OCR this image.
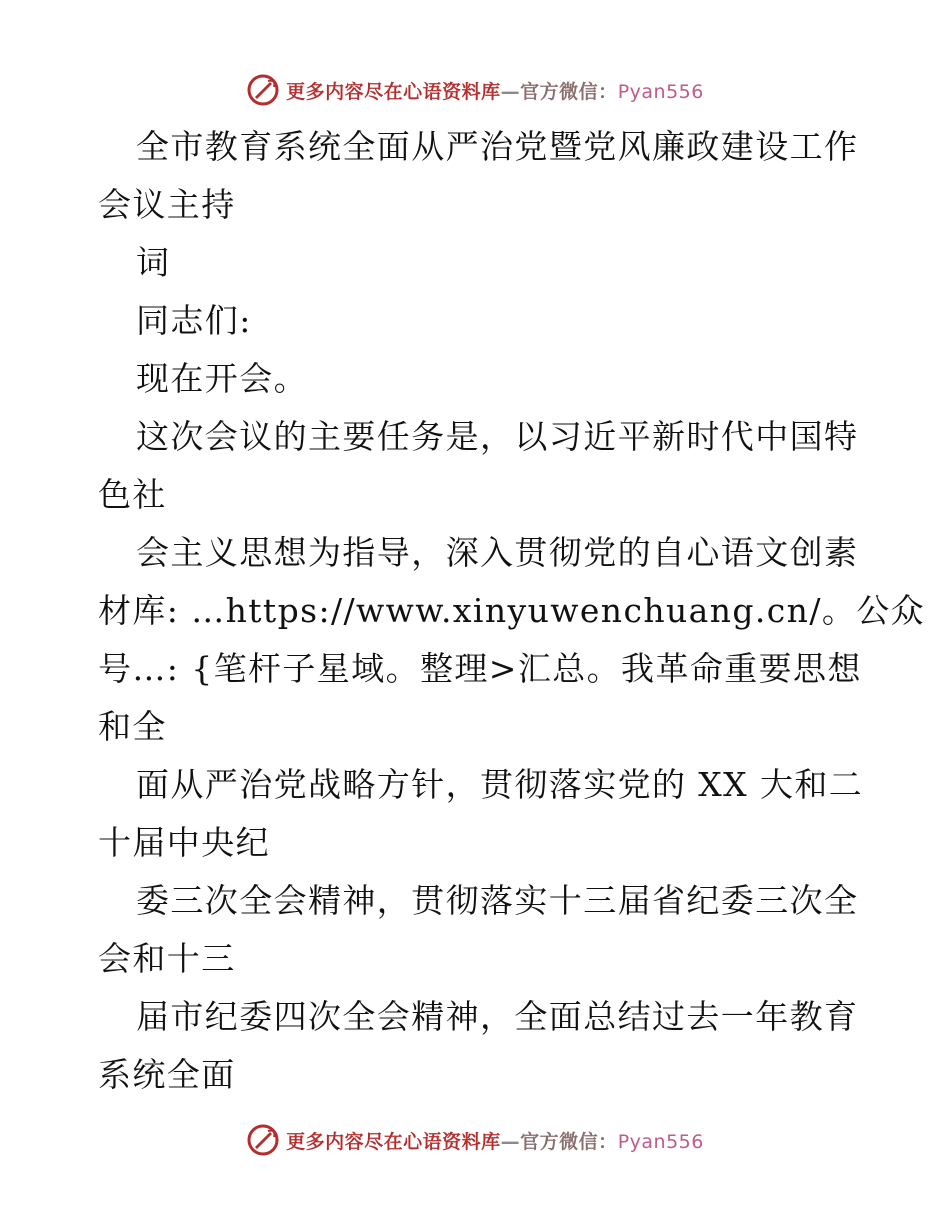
更多内容尽在心语资料库—官方微信：Pyan556
全市教育系统全面从严治党暨党风廉政建设工作
会议主持
词
同志们:
现在开会。
这次会议的主要任务是，以习近平新时代中国特
色社
会主义思想为指导，深入贯彻党的自心语文创素
材库: …https://www.xinyuwenchuang.cn/。公众
号…: {笔杆子星域。整理>汇总。我革命重要思想
和全
面从严治党战略方针，贯彻落实党的 XX 大和二
十届中央纪
委三次全会精神，贯彻落实十三届省纪委三次全
会和十三
届市纪委四次全会精神，全面总结过去一年教育
系统全面
更多内容尽在心语资料库—官方微信：Pyan556
